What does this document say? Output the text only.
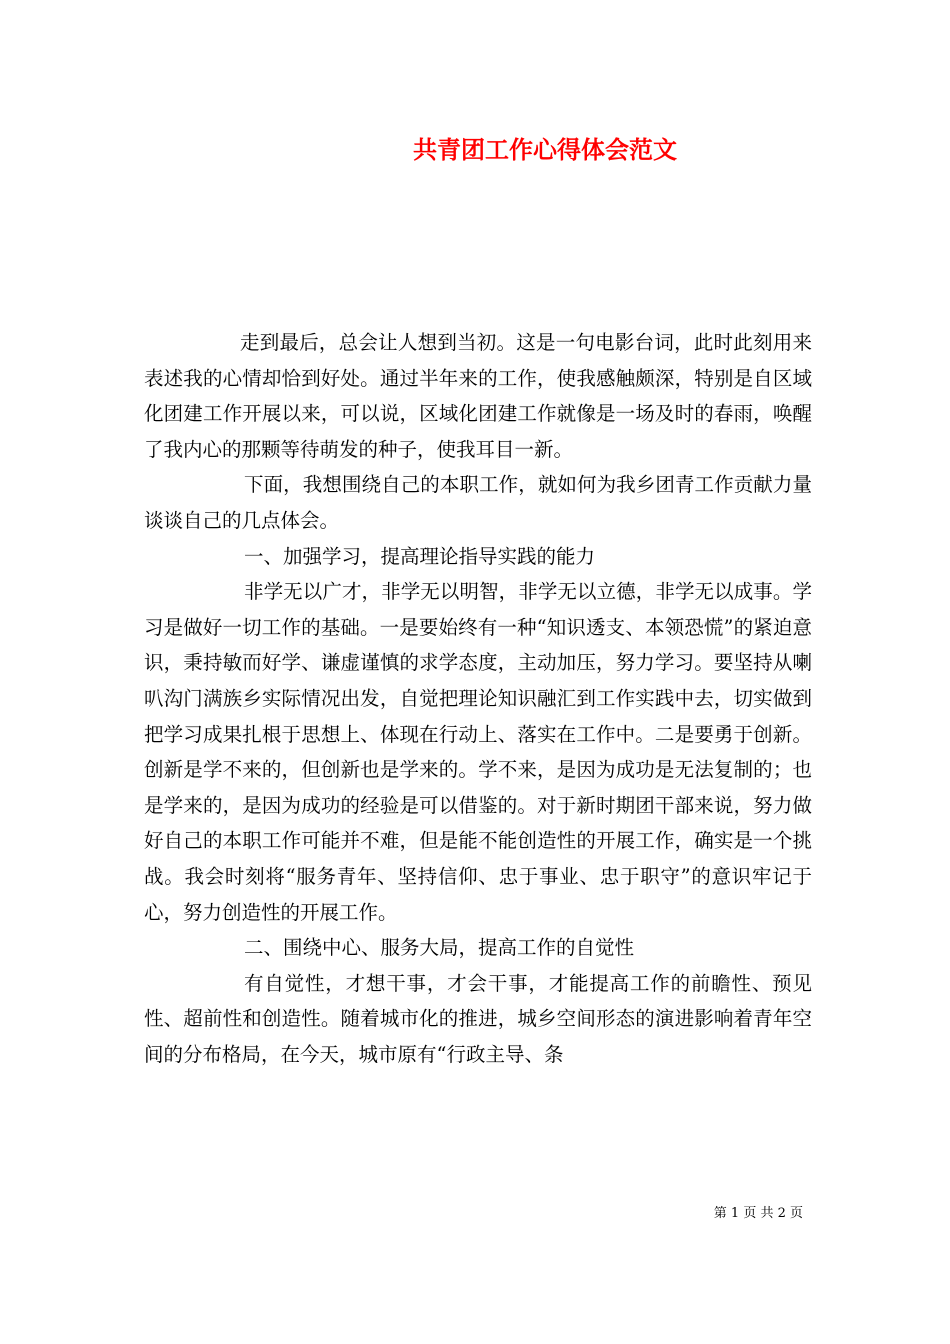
共青团工作心得体会范文

走到最后，总会让人想到当初。这是一句电影台词，此时此刻用来表述我的心情却恰到好处。通过半年来的工作，使我感触颇深，特别是自区域化团建工作开展以来，可以说，区域化团建工作就像是一场及时的春雨，唤醒了我内心的那颗等待萌发的种子，使我耳目一新。

下面，我想围绕自己的本职工作，就如何为我乡团青工作贡献力量谈谈自己的几点体会。

一、加强学习，提高理论指导实践的能力

非学无以广才，非学无以明智，非学无以立德，非学无以成事。学习是做好一切工作的基础。一是要始终有一种“知识透支、本领恐慌”的紧迫意识，秉持敏而好学、谦虚谨慎的求学态度，主动加压，努力学习。要坚持从喇叭沟门满族乡实际情况出发，自觉把理论知识融汇到工作实践中去，切实做到把学习成果扎根于思想上、体现在行动上、落实在工作中。二是要勇于创新。创新是学不来的，但创新也是学来的。学不来，是因为成功是无法复制的；也是学来的，是因为成功的经验是可以借鉴的。对于新时期团干部来说，努力做好自己的本职工作可能并不难，但是能不能创造性的开展工作，确实是一个挑战。我会时刻将“服务青年、坚持信仰、忠于事业、忠于职守”的意识牢记于心，努力创造性的开展工作。

二、围绕中心、服务大局，提高工作的自觉性

有自觉性，才想干事，才会干事，才能提高工作的前瞻性、预见性、超前性和创造性。随着城市化的推进，城乡空间形态的演进影响着青年空间的分布格局，在今天，城市原有“行政主导、条

第 1 页 共 2 页
